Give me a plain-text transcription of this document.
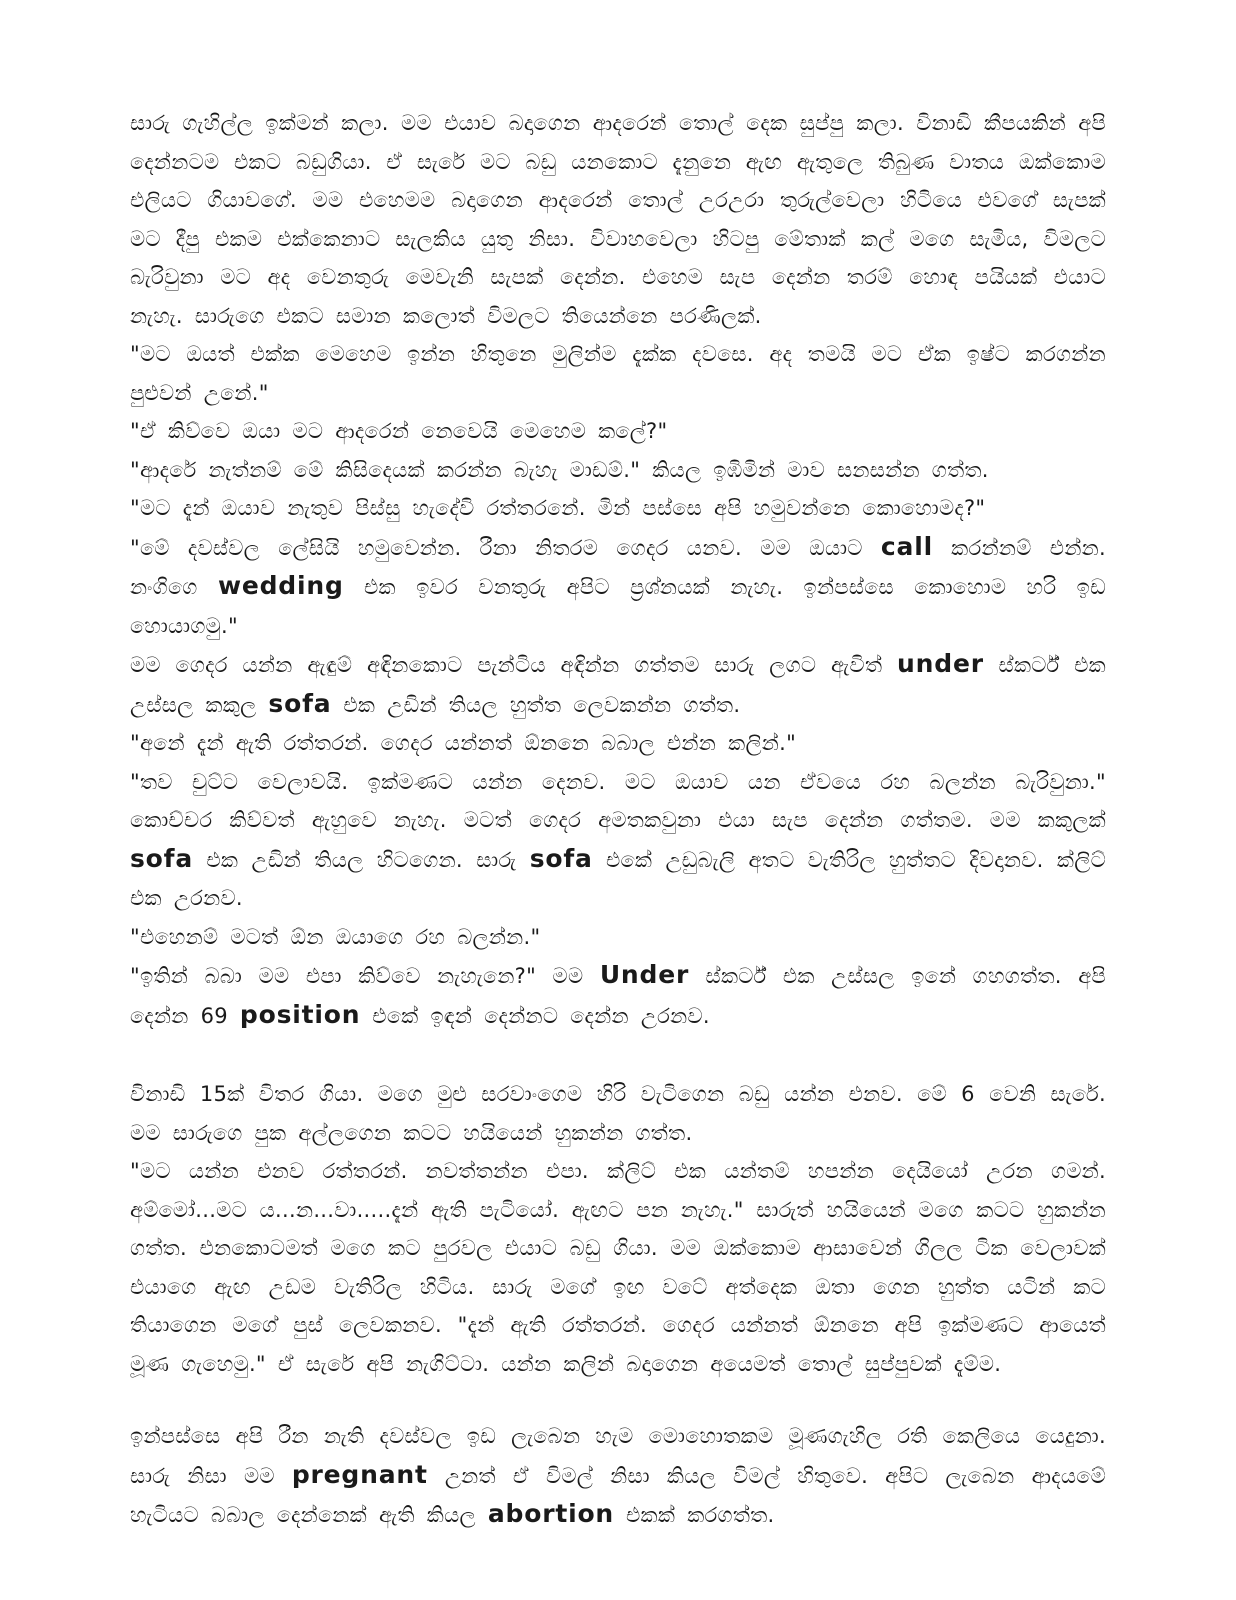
සාරු ගැහිල්ල ඉක්මන් කලා. මම එයාව බදාගෙන ආදරෙන් තොල් දෙක සුප්පු කලා. විනාඩි කීපයකින් අපි දෙන්නටම එකට බඩුගියා. ඒ සැරේ මට බඩු යනකොට දැනුනෙ ඇඟ ඇතුලෙ තිබුණ වාතය ඔක්කොම එලියට ගියාවගේ. මම එහෙමම බදාගෙන ආදරෙන් තොල් උරඋරා තුරුල්වෙලා හිටියෙ එවගේ සැපක් මට දීපු එකම එක්කෙනාට සැලකිය යුතු නිසා. විවාහවෙලා හිටපු මේතාක් කල් මගෙ සැමිය, විමලට බැරිවුනා මට අද වෙනතුරු මෙවැනි සැපක් දෙන්න. එහෙම සැප දෙන්න තරම් හොඳ පයියක් එයාට නැහැ. සාරුගෙ එකට සමාන කලොත් විමලට තියෙන්නෙ පරණිලක්.

"මට ඔයත් එක්ක මෙහෙම ඉන්න හිතුනෙ මුලින්ම දැක්ක දවසෙ. අද තමයි මට ඒක ඉෂ්ට කරගන්න පුළුවන් උනේ."

"ඒ කිව්වෙ ඔයා මට ආදරෙන් නෙවෙයි මෙහෙම කලේ?"

"ආදරේ නැත්නම් මේ කිසිදෙයක් කරන්න බැහැ මාඩම්." කියල ඉඹිමින් මාව සනසන්න ගත්ත.

"මට දැන් ඔයාව නැතුව පිස්සු හැදේවි රත්තරනේ. මින් පස්සෙ අපි හමුවන්නෙ කොහොමද?"

"මේ දවස්වල ලේසියි හමුවෙන්න. රීනා නිතරම ගෙදර යනව. මම ඔයාට call කරන්නම් එන්න. නංගිගෙ wedding එක ඉවර වනතුරු අපිට ප්‍රශ්නයක් නැහැ. ඉන්පස්සෙ කොහොම හරි ඉඩ හොයාගමු."

මම ගෙදර යන්න ඇඳුම් අඳිනකොට පැන්ටිය අඳින්න ගත්තම සාරු ලගට ඇවිත් under ස්කර්ට් එක උස්සල කකුල sofa එක උඩින් තියල හුත්ත ලෙවකන්න ගත්ත.

"අනේ දැන් ඇති රත්තරන්. ගෙදර යන්නත් ඕනනෙ බබාල එන්න කලින්."

"තව චුට්ට වෙලාවයි. ඉක්මණට යන්න දෙනව. මට ඔයාව යන ඒවයෙ රහ බලන්න බැරිවුනා." කොච්චර කිව්වත් ඇහුවෙ නැහැ. මටත් ගෙදර අමතකවුනා එයා සැප දෙන්න ගත්තම. මම කකුලක් sofa එක උඩින් තියල හිටගෙන. සාරු sofa එකේ උඩුබැලි අතට වැතිරිල හුත්තට දිවදානව. ක්ලිට් එක උරනව.

"එහෙනම් මටත් ඕන ඔයාගෙ රහ බලන්න."

"ඉතින් බබා මම එපා කිව්වෙ නැහැනෙ?" මම Under ස්කර්ට් එක උස්සල ඉනේ ගහගත්ත. අපි දෙන්න 69 position එකේ ඉඳන් දෙන්නට දෙන්න උරනව.

විනාඩි 15ක් විතර ගියා. මගෙ මුළු සරවාංගෙම හිරි වැටිගෙන බඩු යන්න එනව. මේ 6 වෙනි සැරේ. මම සාරුගෙ පුක අල්ලගෙන කටට හයියෙන් හුකන්න ගත්ත.

"මට යන්න එනව රත්තරන්. නවත්තන්න එපා. ක්ලිට් එක යන්තම් හපන්න දෙයියෝ උරන ගමන්. අම්මෝ...මට ය...න...වා.....දැන් ඇති පැටියෝ. ඇඟට පන නැහැ." සාරුත් හයියෙන් මගෙ කටට හුකන්න ගත්ත. එනකොටමත් මගෙ කට පුරවල එයාට බඩු ගියා. මම ඔක්කොම ආසාවෙන් ගිලල ටික වෙලාවක් එයාගෙ ඇඟ උඩම වැතිරිල හිටිය. සාරු මගේ ඉඟ වටේ අත්දෙක ඔතා ගෙන හුත්ත යටින් කට තියාගෙන මගේ පුස් ලෙවකනව. "දැන් ඇති රත්තරන්. ගෙදර යන්නත් ඕනනෙ අපි ඉක්මණට ආයෙත් මූණ ගැහෙමු." ඒ සැරේ අපි නැගිට්ටා. යන්න කලින් බදාගෙන අයෙමත් තොල් සුප්පුවක් දැම්ම.

ඉන්පස්සෙ අපි රීන නැති දවස්වල ඉඩ ලැබෙන හැම මොහොතකම මූණගැහිල රති කෙලියෙ යෙදුනා. සාරු නිසා මම pregnant උනත් ඒ විමල් නිසා කියල විමල් හිතුවෙ. අපිට ලැබෙන ආදයමේ හැටියට බබාල දෙන්නෙක් ඇති කියල abortion එකක් කරගත්ත.
